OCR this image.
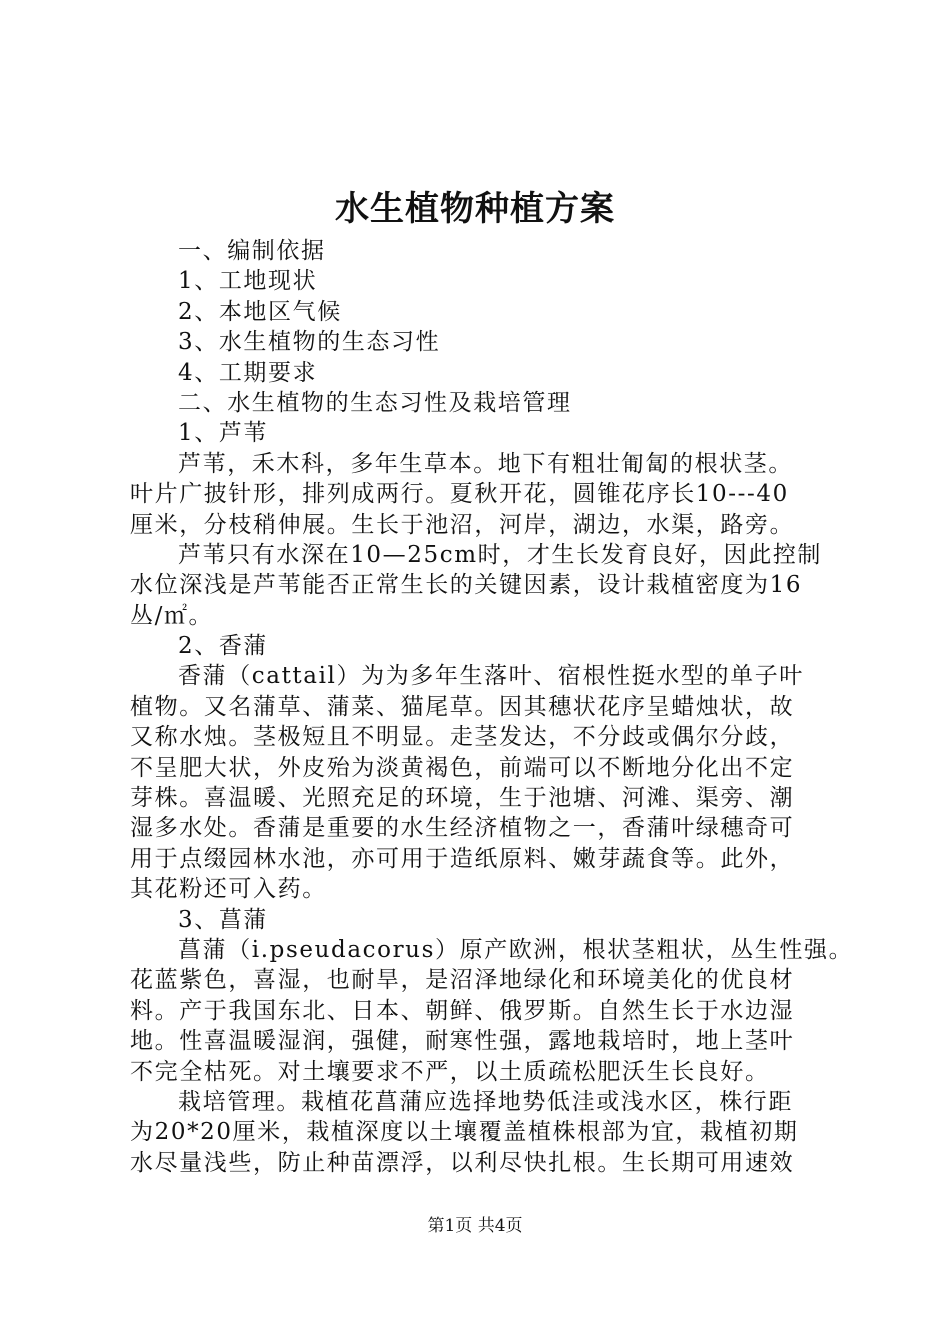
水生植物种植方案
一、编制依据
1、工地现状
2、本地区气候
3、水生植物的生态习性
4、工期要求
二、水生植物的生态习性及栽培管理
1、芦苇
芦苇，禾木科，多年生草本。地下有粗壮匍匐的根状茎。
叶片广披针形，排列成两行。夏秋开花，圆锥花序长10---40
厘米，分枝稍伸展。生长于池沼，河岸，湖边，水渠，路旁。
芦苇只有水深在10—25cm时，才生长发育良好，因此控制
水位深浅是芦苇能否正常生长的关键因素，设计栽植密度为16
丛/㎡。
2、香蒲
香蒲（cattail）为为多年生落叶、宿根性挺水型的单子叶
植物。又名蒲草、蒲菜、猫尾草。因其穗状花序呈蜡烛状，故
又称水烛。茎极短且不明显。走茎发达，不分歧或偶尔分歧，
不呈肥大状，外皮殆为淡黄褐色，前端可以不断地分化出不定
芽株。喜温暖、光照充足的环境，生于池塘、河滩、渠旁、潮
湿多水处。香蒲是重要的水生经济植物之一，香蒲叶绿穗奇可
用于点缀园林水池，亦可用于造纸原料、嫩芽蔬食等。此外，
其花粉还可入药。
3、菖蒲
菖蒲（i.pseudacorus）原产欧洲，根状茎粗状，丛生性强。
花蓝紫色，喜湿，也耐旱，是沼泽地绿化和环境美化的优良材
料。产于我国东北、日本、朝鲜、俄罗斯。自然生长于水边湿
地。性喜温暖湿润，强健，耐寒性强，露地栽培时，地上茎叶
不完全枯死。对土壤要求不严，以土质疏松肥沃生长良好。
栽培管理。栽植花菖蒲应选择地势低洼或浅水区，株行距
为20*20厘米，栽植深度以土壤覆盖植株根部为宜，栽植初期
水尽量浅些，防止种苗漂浮，以利尽快扎根。生长期可用速效
第1页 共4页
